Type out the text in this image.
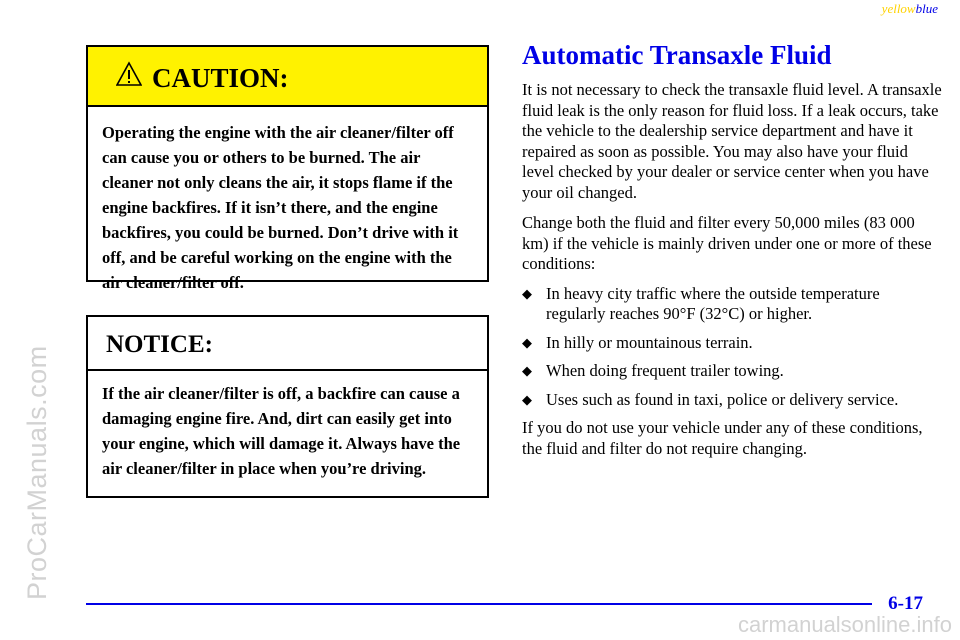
yellowblue
ProCarManuals.com
CAUTION:
Operating the engine with the air cleaner/filter off can cause you or others to be burned. The air cleaner not only cleans the air, it stops flame if the engine backfires. If it isn’t there, and the engine backfires, you could be burned. Don’t drive with it off, and be careful working on the engine with the air cleaner/filter off.
NOTICE:
If the air cleaner/filter is off, a backfire can cause a damaging engine fire. And, dirt can easily get into your engine, which will damage it. Always have the air cleaner/filter in place when you’re driving.
Automatic Transaxle Fluid

It is not necessary to check the transaxle fluid level. A transaxle fluid leak is the only reason for fluid loss. If a leak occurs, take the vehicle to the dealership service department and have it repaired as soon as possible. You may also have your fluid level checked by your dealer or service center when you have your oil changed.

Change both the fluid and filter every 50,000 miles (83 000 km) if the vehicle is mainly driven under one or more of these conditions:

◆ In heavy city traffic where the outside temperature regularly reaches 90°F (32°C) or higher.
◆ In hilly or mountainous terrain.
◆ When doing frequent trailer towing.
◆ Uses such as found in taxi, police or delivery service.

If you do not use your vehicle under any of these conditions, the fluid and filter do not require changing.

6-17
carmanualsonline.info
